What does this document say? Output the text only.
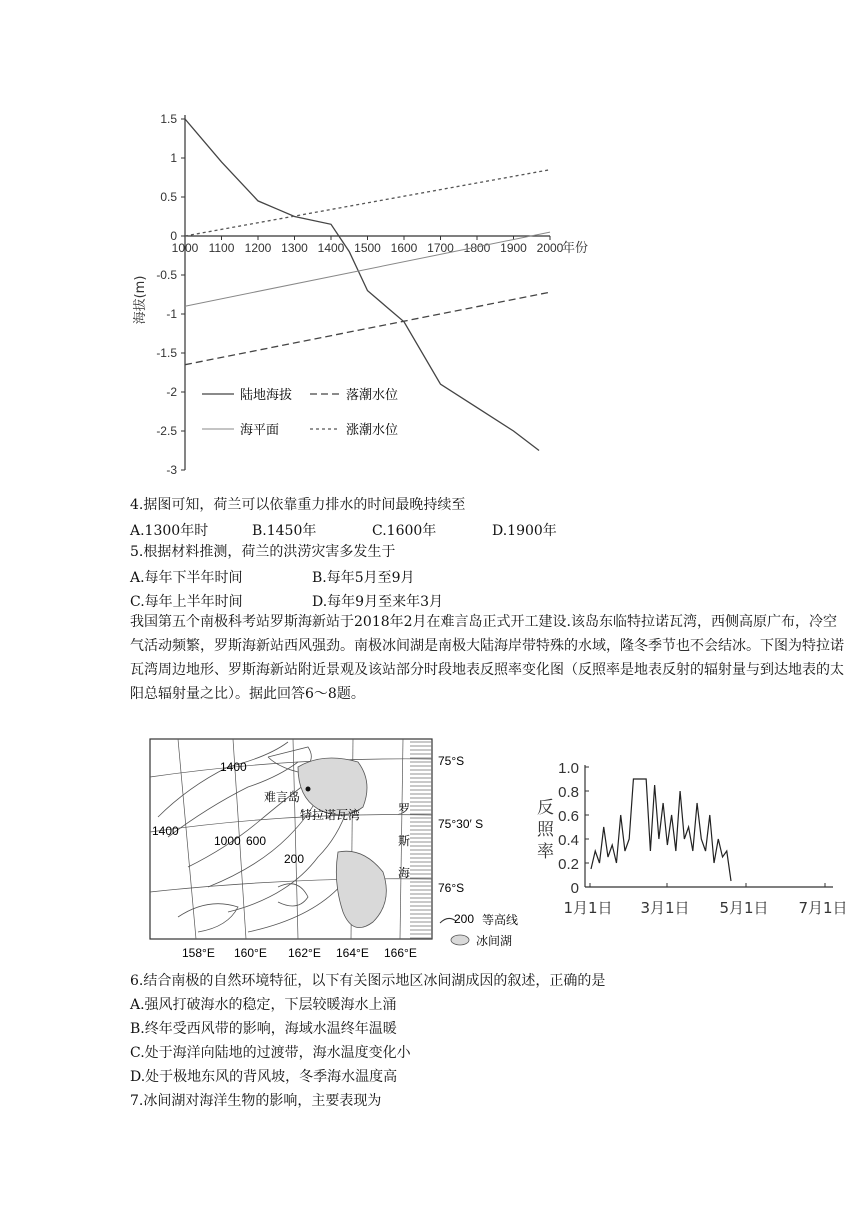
1.5
1
0.5
0
-0.5
-1
-1.5
-2
-2.5
-3
1000 1100 1200 1300 1400 1500 1600 1700 1800 1900 2000
海拔(m)
年份
陆地海拔	落潮水位
海平面	涨潮水位
4.据图可知，荷兰可以依靠重力排水的时间最晚持续至
A.1300年时	B.1450年	C.1600年	D.1900年
5.根据材料推测，荷兰的洪涝灾害多发生于
A.每年下半年时间	B.每年5月至9月
C.每年上半年时间	D.每年9月至来年3月
我国第五个南极科考站罗斯海新站于2018年2月在难言岛正式开工建设.该岛东临特拉诺瓦湾，西侧高原广布，冷空气活动频繁，罗斯海新站西风强劲。南极冰间湖是南极大陆海岸带特殊的水域，隆冬季节也不会结冰。下图为特拉诺瓦湾周边地形、罗斯海新站附近景观及该站部分时段地表反照率变化图（反照率是地表反射的辐射量与到达地表的太阳总辐射量之比）。据此回答6～8题。
1400
1400
1000 600
200
难言岛
特拉诺瓦湾	罗
斯
海
75°S
75°30′ S
76°S
158°E 160°E 162°E 164°E 166°E
200 等高线
冰间湖
1.0
0.8
0.6
0.4
0.2
0
1月1日 3月1日 5月1日 7月1日
反 照 率
6.结合南极的自然环境特征，以下有关图示地区冰间湖成因的叙述，正确的是
A.强风打破海水的稳定，下层较暖海水上涌
B.终年受西风带的影响，海域水温终年温暖
C.处于海洋向陆地的过渡带，海水温度变化小
D.处于极地东风的背风坡，冬季海水温度高
7.冰间湖对海洋生物的影响，主要表现为
